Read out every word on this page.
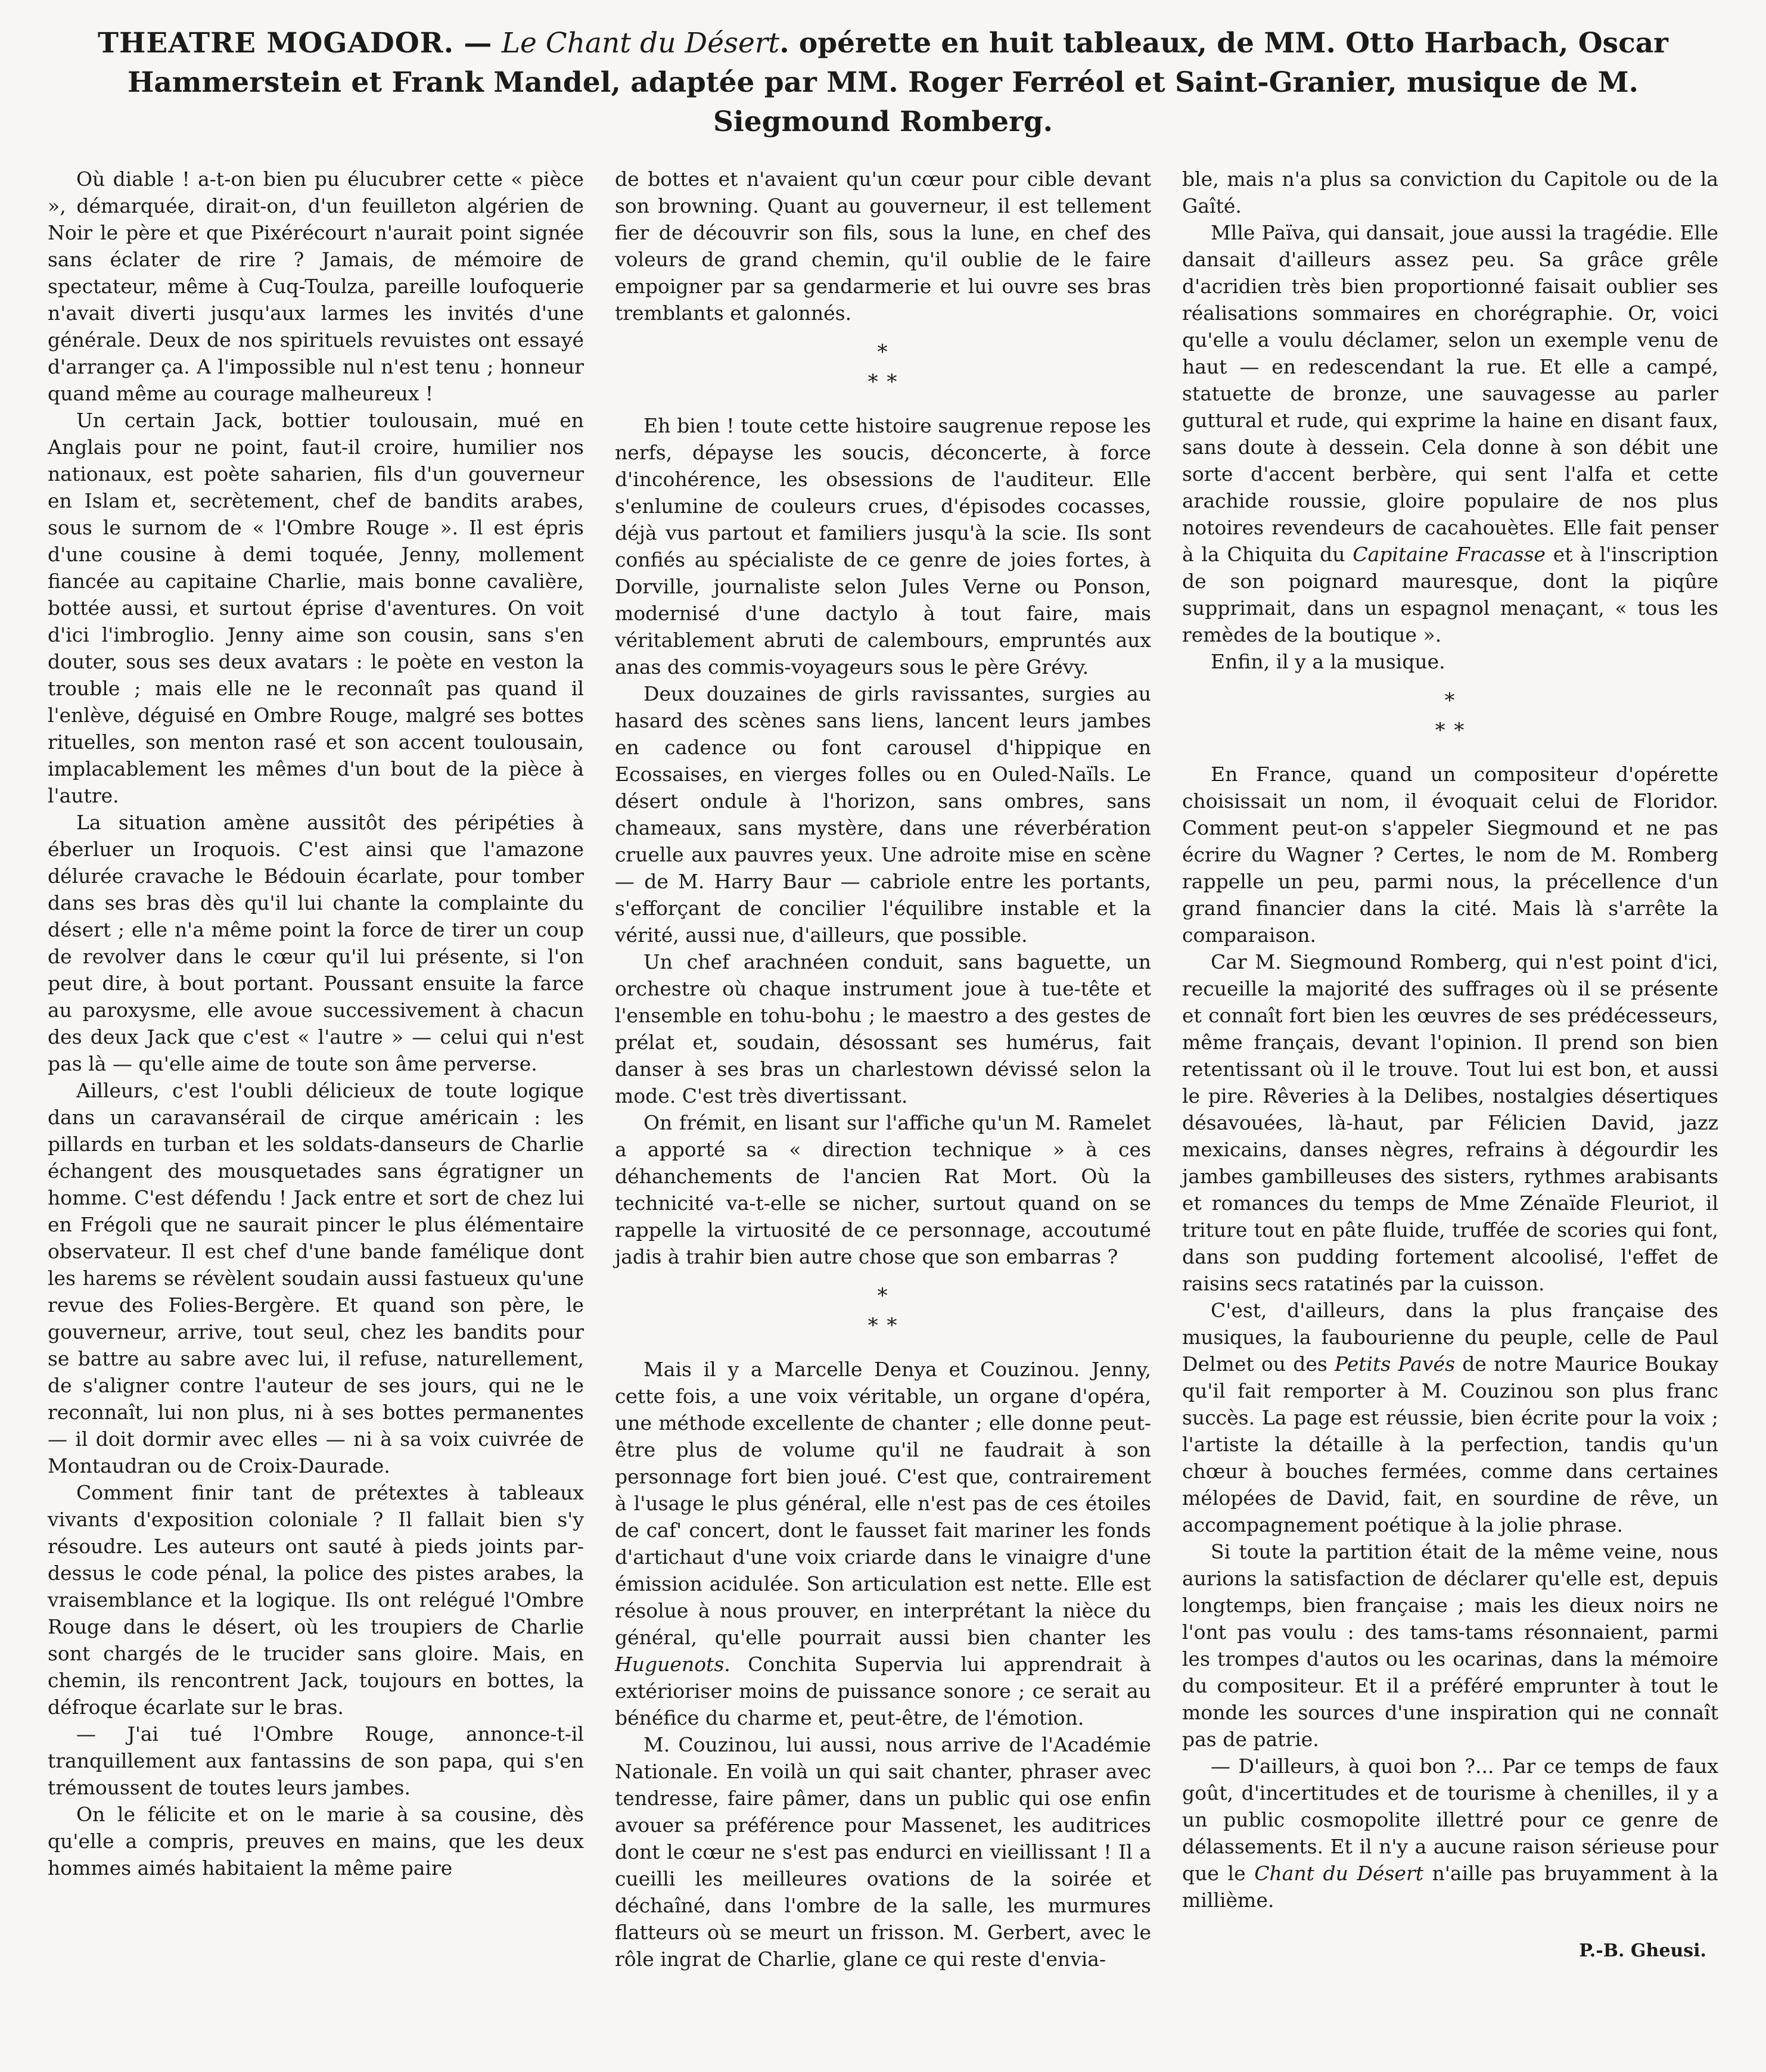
THEATRE MOGADOR. — Le Chant du Désert. opérette en huit tableaux, de MM. Otto Harbach, Oscar Hammerstein et Frank Mandel, adaptée par MM. Roger Ferréol et Saint-Granier, musique de M. Siegmound Romberg.

Où diable ! a-t-on bien pu élucubrer cette « pièce », démarquée, dirait-on, d'un feuilleton algérien de Noir le père et que Pixérécourt n'aurait point signée sans éclater de rire ? Jamais, de mémoire de spectateur, même à Cuq-Toulza, pareille loufoquerie n'avait diverti jusqu'aux larmes les invités d'une générale. Deux de nos spirituels revuistes ont essayé d'arranger ça. A l'impossible nul n'est tenu ; honneur quand même au courage malheureux !

Un certain Jack, bottier toulousain, mué en Anglais pour ne point, faut-il croire, humilier nos nationaux, est poète saharien, fils d'un gouverneur en Islam et, secrètement, chef de bandits arabes, sous le surnom de « l'Ombre Rouge ». Il est épris d'une cousine à demi toquée, Jenny, mollement fiancée au capitaine Charlie, mais bonne cavalière, bottée aussi, et surtout éprise d'aventures. On voit d'ici l'imbroglio. Jenny aime son cousin, sans s'en douter, sous ses deux avatars : le poète en veston la trouble ; mais elle ne le reconnaît pas quand il l'enlève, déguisé en Ombre Rouge, malgré ses bottes rituelles, son menton rasé et son accent toulousain, implacablement les mêmes d'un bout de la pièce à l'autre.

La situation amène aussitôt des péripéties à éberluer un Iroquois. C'est ainsi que l'amazone délurée cravache le Bédouin écarlate, pour tomber dans ses bras dès qu'il lui chante la complainte du désert ; elle n'a même point la force de tirer un coup de revolver dans le cœur qu'il lui présente, si l'on peut dire, à bout portant. Poussant ensuite la farce au paroxysme, elle avoue successivement à chacun des deux Jack que c'est « l'autre » — celui qui n'est pas là — qu'elle aime de toute son âme perverse.

Ailleurs, c'est l'oubli délicieux de toute logique dans un caravansérail de cirque américain : les pillards en turban et les soldats-danseurs de Charlie échangent des mousquetades sans égratigner un homme. C'est défendu ! Jack entre et sort de chez lui en Frégoli que ne saurait pincer le plus élémentaire observateur. Il est chef d'une bande famélique dont les harems se révèlent soudain aussi fastueux qu'une revue des Folies-Bergère. Et quand son père, le gouverneur, arrive, tout seul, chez les bandits pour se battre au sabre avec lui, il refuse, naturellement, de s'aligner contre l'auteur de ses jours, qui ne le reconnaît, lui non plus, ni à ses bottes permanentes — il doit dormir avec elles — ni à sa voix cuivrée de Montaudran ou de Croix-Daurade.

Comment finir tant de prétextes à tableaux vivants d'exposition coloniale ? Il fallait bien s'y résoudre. Les auteurs ont sauté à pieds joints par-dessus le code pénal, la police des pistes arabes, la vraisemblance et la logique. Ils ont relégué l'Ombre Rouge dans le désert, où les troupiers de Charlie sont chargés de le trucider sans gloire. Mais, en chemin, ils rencontrent Jack, toujours en bottes, la défroque écarlate sur le bras.

— J'ai tué l'Ombre Rouge, annonce-t-il tranquillement aux fantassins de son papa, qui s'en trémoussent de toutes leurs jambes.

On le félicite et on le marie à sa cousine, dès qu'elle a compris, preuves en mains, que les deux hommes aimés habitaient la même paire

de bottes et n'avaient qu'un cœur pour cible devant son browning. Quant au gouverneur, il est tellement fier de découvrir son fils, sous la lune, en chef des voleurs de grand chemin, qu'il oublie de le faire empoigner par sa gendarmerie et lui ouvre ses bras tremblants et galonnés.

*
* *

Eh bien ! toute cette histoire saugrenue repose les nerfs, dépayse les soucis, déconcerte, à force d'incohérence, les obsessions de l'auditeur. Elle s'enlumine de couleurs crues, d'épisodes cocasses, déjà vus partout et familiers jusqu'à la scie. Ils sont confiés au spécialiste de ce genre de joies fortes, à Dorville, journaliste selon Jules Verne ou Ponson, modernisé d'une dactylo à tout faire, mais véritablement abruti de calembours, empruntés aux anas des commis-voyageurs sous le père Grévy.

Deux douzaines de girls ravissantes, surgies au hasard des scènes sans liens, lancent leurs jambes en cadence ou font carousel d'hippique en Ecossaises, en vierges folles ou en Ouled-Naïls. Le désert ondule à l'horizon, sans ombres, sans chameaux, sans mystère, dans une réverbération cruelle aux pauvres yeux. Une adroite mise en scène — de M. Harry Baur — cabriole entre les portants, s'efforçant de concilier l'équilibre instable et la vérité, aussi nue, d'ailleurs, que possible.

Un chef arachnéen conduit, sans baguette, un orchestre où chaque instrument joue à tue-tête et l'ensemble en tohu-bohu ; le maestro a des gestes de prélat et, soudain, désossant ses humérus, fait danser à ses bras un charlestown dévissé selon la mode. C'est très divertissant.

On frémit, en lisant sur l'affiche qu'un M. Ramelet a apporté sa « direction technique » à ces déhanchements de l'ancien Rat Mort. Où la technicité va-t-elle se nicher, surtout quand on se rappelle la virtuosité de ce personnage, accoutumé jadis à trahir bien autre chose que son embarras ?

*
* *

Mais il y a Marcelle Denya et Couzinou. Jenny, cette fois, a une voix véritable, un organe d'opéra, une méthode excellente de chanter ; elle donne peut-être plus de volume qu'il ne faudrait à son personnage fort bien joué. C'est que, contrairement à l'usage le plus général, elle n'est pas de ces étoiles de caf' concert, dont le fausset fait mariner les fonds d'artichaut d'une voix criarde dans le vinaigre d'une émission acidulée. Son articulation est nette. Elle est résolue à nous prouver, en interprétant la nièce du général, qu'elle pourrait aussi bien chanter les Huguenots. Conchita Supervia lui apprendrait à extérioriser moins de puissance sonore ; ce serait au bénéfice du charme et, peut-être, de l'émotion.

M. Couzinou, lui aussi, nous arrive de l'Académie Nationale. En voilà un qui sait chanter, phraser avec tendresse, faire pâmer, dans un public qui ose enfin avouer sa préférence pour Massenet, les auditrices dont le cœur ne s'est pas endurci en vieillissant ! Il a cueilli les meilleures ovations de la soirée et déchaîné, dans l'ombre de la salle, les murmures flatteurs où se meurt un frisson. M. Gerbert, avec le rôle ingrat de Charlie, glane ce qui reste d'envia-

ble, mais n'a plus sa conviction du Capitole ou de la Gaîté.

Mlle Païva, qui dansait, joue aussi la tragédie. Elle dansait d'ailleurs assez peu. Sa grâce grêle d'acridien très bien proportionné faisait oublier ses réalisations sommaires en chorégraphie. Or, voici qu'elle a voulu déclamer, selon un exemple venu de haut — en redescendant la rue. Et elle a campé, statuette de bronze, une sauvagesse au parler guttural et rude, qui exprime la haine en disant faux, sans doute à dessein. Cela donne à son débit une sorte d'accent berbère, qui sent l'alfa et cette arachide roussie, gloire populaire de nos plus notoires revendeurs de cacahouètes. Elle fait penser à la Chiquita du Capitaine Fracasse et à l'inscription de son poignard mauresque, dont la piqûre supprimait, dans un espagnol menaçant, « tous les remèdes de la boutique ».

Enfin, il y a la musique.

*
* *

En France, quand un compositeur d'opérette choisissait un nom, il évoquait celui de Floridor. Comment peut-on s'appeler Siegmound et ne pas écrire du Wagner ? Certes, le nom de M. Romberg rappelle un peu, parmi nous, la précellence d'un grand financier dans la cité. Mais là s'arrête la comparaison.

Car M. Siegmound Romberg, qui n'est point d'ici, recueille la majorité des suffrages où il se présente et connaît fort bien les œuvres de ses prédécesseurs, même français, devant l'opinion. Il prend son bien retentissant où il le trouve. Tout lui est bon, et aussi le pire. Rêveries à la Delibes, nostalgies désertiques désavouées, là-haut, par Félicien David, jazz mexicains, danses nègres, refrains à dégourdir les jambes gambilleuses des sisters, rythmes arabisants et romances du temps de Mme Zénaïde Fleuriot, il triture tout en pâte fluide, truffée de scories qui font, dans son pudding fortement alcoolisé, l'effet de raisins secs ratatinés par la cuisson.

C'est, d'ailleurs, dans la plus française des musiques, la faubourienne du peuple, celle de Paul Delmet ou des Petits Pavés de notre Maurice Boukay qu'il fait remporter à M. Couzinou son plus franc succès. La page est réussie, bien écrite pour la voix ; l'artiste la détaille à la perfection, tandis qu'un chœur à bouches fermées, comme dans certaines mélopées de David, fait, en sourdine de rêve, un accompagnement poétique à la jolie phrase.

Si toute la partition était de la même veine, nous aurions la satisfaction de déclarer qu'elle est, depuis longtemps, bien française ; mais les dieux noirs ne l'ont pas voulu : des tams-tams résonnaient, parmi les trompes d'autos ou les ocarinas, dans la mémoire du compositeur. Et il a préféré emprunter à tout le monde les sources d'une inspiration qui ne connaît pas de patrie.

— D'ailleurs, à quoi bon ?... Par ce temps de faux goût, d'incertitudes et de tourisme à chenilles, il y a un public cosmopolite illettré pour ce genre de délassements. Et il n'y a aucune raison sérieuse pour que le Chant du Désert n'aille pas bruyamment à la millième.

P.-B. Gheusi.
